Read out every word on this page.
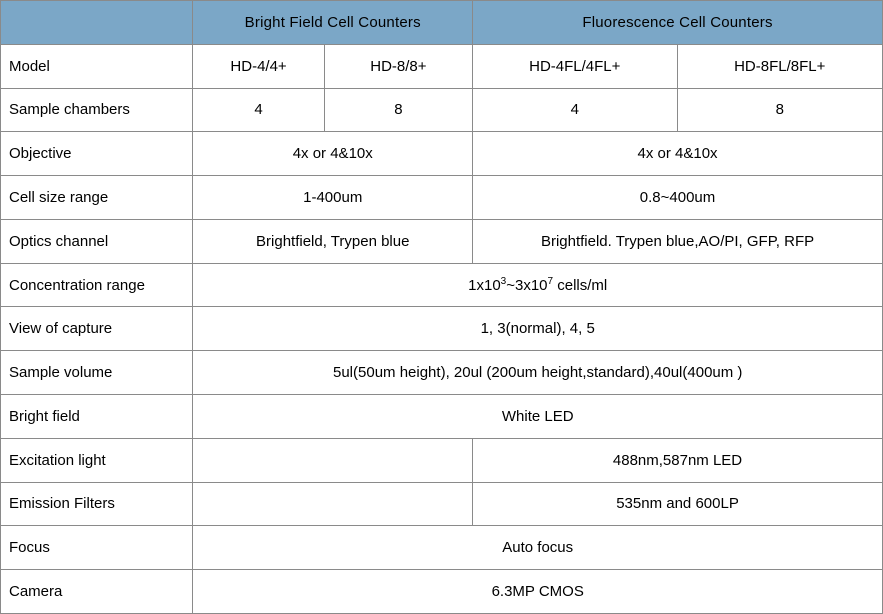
	Bright Field Cell Counters		Fluorescence Cell Counters	
Model	HD-4/4+	HD-8/8+	HD-4FL/4FL+	HD-8FL/8FL+
Sample chambers	4	8	4	8
Objective	4x or 4&10x		4x or 4&10x	
Cell size range	1-400um		0.8~400um	
Optics channel	Brightfield, Trypen blue		Brightfield. Trypen blue,AO/PI, GFP, RFP	
Concentration range	$1x10^3\sim 3x10^7$ cells/ml			
View of capture	1, 3(normal), 4, 5			
Sample volume	5ul(50um height), 20ul (200um height,standard),40ul(400um )			
Bright field	White LED			
Excitation light			488nm,587nm LED	
Emission Filters			535nm and 600LP	
Focus	Auto focus			
Camera	6.3MP CMOS			
